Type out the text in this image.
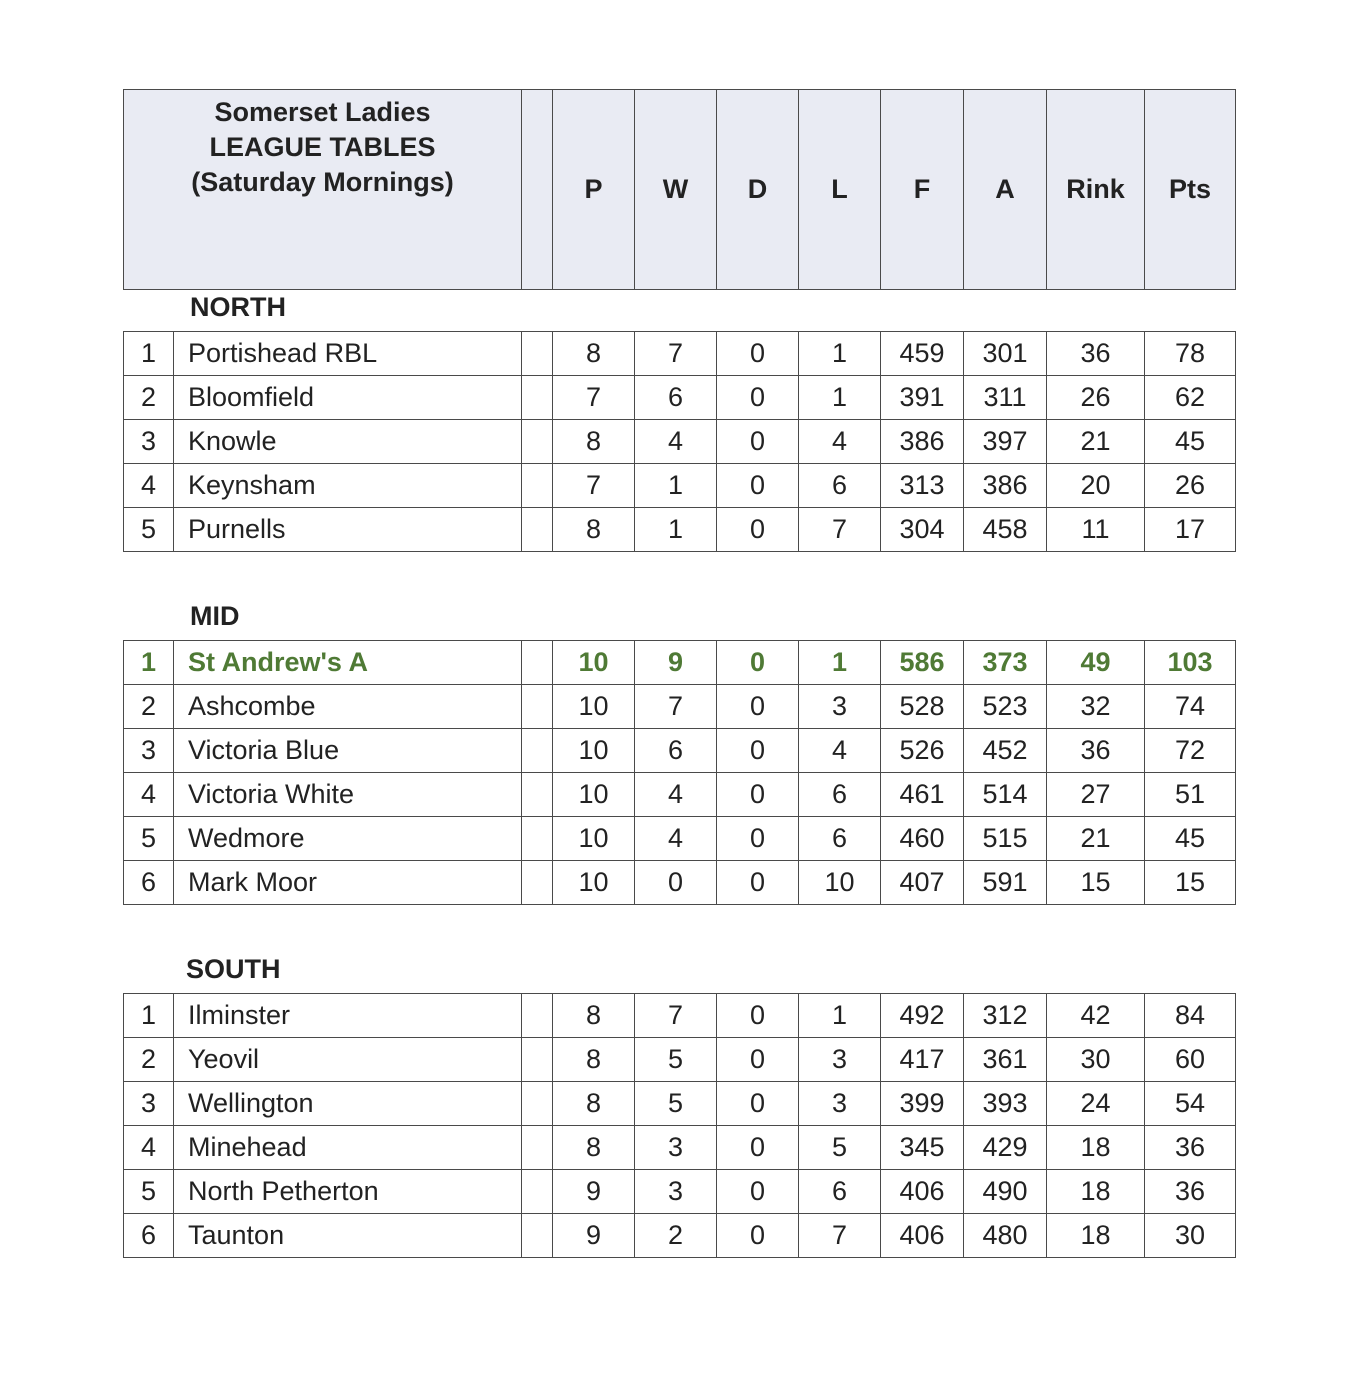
Somerset Ladies
LEAGUE TABLES
(Saturday Mornings)		P	W	D	L	F	A	Rink	Pts
NORTH
MID
SOUTH
1	Portishead RBL		8	7	0	1	459	301	36	78
2	Bloomfield		7	6	0	1	391	311	26	62
3	Knowle		8	4	0	4	386	397	21	45
4	Keynsham		7	1	0	6	313	386	20	26
5	Purnells		8	1	0	7	304	458	11	17
1	St Andrew's A		10	9	0	1	586	373	49	103
2	Ashcombe		10	7	0	3	528	523	32	74
3	Victoria Blue		10	6	0	4	526	452	36	72
4	Victoria White		10	4	0	6	461	514	27	51
5	Wedmore		10	4	0	6	460	515	21	45
6	Mark Moor		10	0	0	10	407	591	15	15
1	Ilminster		8	7	0	1	492	312	42	84
2	Yeovil		8	5	0	3	417	361	30	60
3	Wellington		8	5	0	3	399	393	24	54
4	Minehead		8	3	0	5	345	429	18	36
5	North Petherton		9	3	0	6	406	490	18	36
6	Taunton		9	2	0	7	406	480	18	30
